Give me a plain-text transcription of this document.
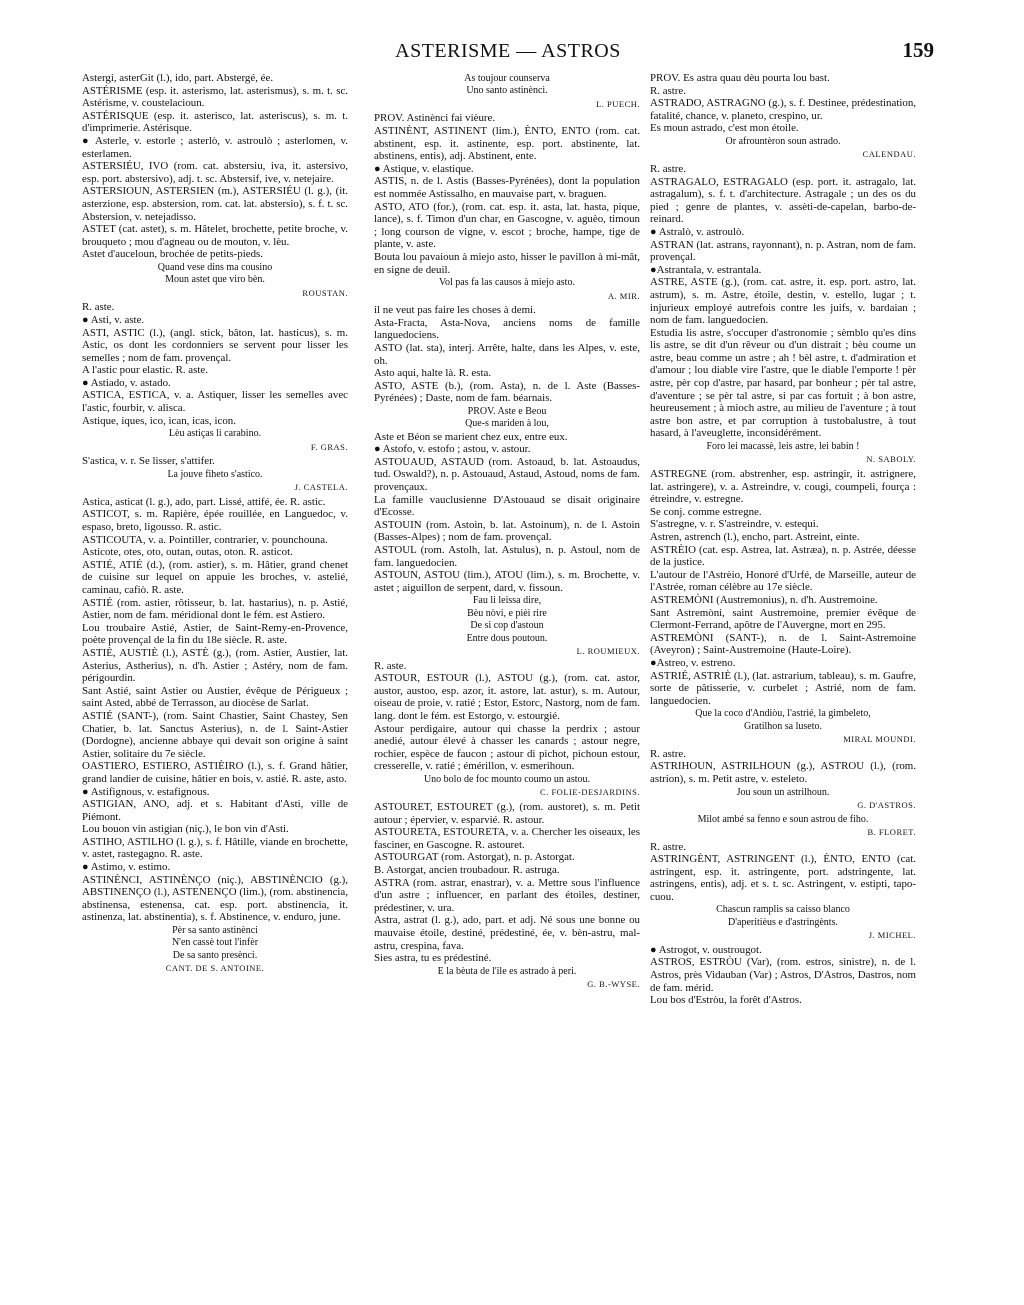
ASTERISME — ASTROS	159
Astergi, asterGit (l.), ido, part. Abstergé, ée.
ASTÉRISME (esp. it. asterismo, lat. asterismus), s. m. t. sc. Astérisme, v. coustelacioun.
ASTÉRISQUE (esp. it. asterisco, lat. asteriscus), s. m. t. d'imprimerie. Astérisque.
● Asterle, v. estorle ; asterlò, v. astroulò ; asterlomen, v. esterlamen.
ASTERSIÉU, IVO (rom. cat. abstersiu, iva, it. astersivo, esp. port. abstersivo), adj. t. sc. Abstersif, ive, v. netejaire.
ASTERSIOUN, ASTERSIEN (m.), ASTERSIÉU (l. g.), (it. asterzione, esp. abstersion, rom. cat. lat. abstersio), s. f. t. sc. Abstersion, v. netejadisso.
ASTET (cat. astet), s. m. Hâtelet, brochette, petite broche, v. brouqueto ; mou d'agneau ou de mouton, v. lèu.
Astet d'auceloun, brochée de petits-pieds.
Quand vese dins ma cousino
Moun astet que viro bèn.
ROUSTAN.
R. aste.
● Asti, v. aste.
ASTI, ASTIC (l.), (angl. stick, bâton, lat. hasticus), s. m. Astic, os dont les cordonniers se servent pour lisser les semelles ; nom de fam. provençal.
A l'astic pour elastic. R. aste.
● Astiado, v. astado.
ASTICA, ESTICA, v. a. Astiquer, lisser les semelles avec l'astic, fourbir, v. alisca.
Astique, iques, ico, ican, icas, icon.
Lèu astiças li carabino.
F. GRAS.
S'astica, v. r. Se lisser, s'attifer.
La jouve fiheto s'astico.
J. CASTELA.
Astica, asticat (l. g.), ado, part. Lissé, attifé, ée. R. astic.
ASTICOT, s. m. Rapière, épée rouillée, en Languedoc, v. espaso, breto, ligousso. R. astic.
ASTICOUTA, v. a. Pointiller, contrarier, v. pounchouna.
Asticote, otes, oto, outan, outas, oton. R. asticot.
ASTIÉ, ATIÉ (d.), (rom. astier), s. m. Hâtier, grand chenet de cuisine sur lequel on appuie les broches, v. astelié, caminau, cafiò. R. aste.
ASTIÉ (rom. astier, rôtisseur, b. lat. hastarius), n. p. Astié, Astier, nom de fam. méridional dont le fém. est Astiero.
Lou troubaire Astié, Astier, de Saint-Remy-en-Provence, poète provençal de la fin du 18e siècle. R. aste.
ASTIÈ, AUSTIÈ (l.), ASTÈ (g.), (rom. Astier, Austier, lat. Asterius, Astherius), n. d'h. Astier ; Astéry, nom de fam. périgourdin.
Sant Astié, saint Astier ou Austier, évêque de Périgueux ; saint Asted, abbé de Terrasson, au diocèse de Sarlat.
ASTIÉ (SANT-), (rom. Saint Chastier, Saint Chastey, Sen Chatier, b. lat. Sanctus Asterius), n. de l. Saint-Astier (Dordogne), ancienne abbaye qui devait son origine à saint Astier, solitaire du 7e siècle.
OASTIERO, ESTIERO, ASTIÈIRO (l.), s. f. Grand hâtier, grand landier de cuisine, hâtier en bois, v. astié. R. aste, asto.
● Astifignous, v. estafignous.
ASTIGIAN, ANO, adj. et s. Habitant d'Asti, ville de Piémont.
Lou bouon vin astigian (niç.), le bon vin d'Asti.
ASTIHO, ASTILHO (l. g.), s. f. Hâtille, viande en brochette, v. astet, rastegagno. R. aste.
● Astimo, v. estimo.
ASTINÈNCI, ASTINÈNÇO (niç.), ABSTINÈNCIO (g.), ABSTINENÇO (l.), ASTENENÇO (lim.), (rom. abstinencia, abstinensa, estenensa, cat. esp. port. abstinencia, it. astinenza, lat. abstinentia), s. f. Abstinence, v. enduro, june.
Pèr sa santo astinènci
N'en cassè tout l'infèr
De sa santo presènci.
CANT. DE S. ANTOINE.
As toujour counserva
Uno santo astinènci.
L. PUECH.
PROV. Astinènci fai vièure.
ASTINÈNT, ASTINENT (lim.), ÈNTO, ENTO (rom. cat. abstinent, esp. it. astinente, esp. port. abstinente, lat. abstinens, entis), adj. Abstinent, ente.
● Astique, v. elastique.
ASTIS, n. de l. Astis (Basses-Pyrénées), dont la population est nommée Astissalho, en mauvaise part, v. braguen.
ASTO, ATO (for.), (rom. cat. esp. it. asta, lat. hasta, pique, lance), s. f. Timon d'un char, en Gascogne, v. aguèo, timoun ; long courson de vigne, v. escot ; broche, hampe, tige de plante, v. aste.
Bouta lou pavaioun à miejo asto, hisser le pavillon à mi-mât, en signe de deuil.
Vol pas fa las causos à miejo asto.
A. MIR.
il ne veut pas faire les choses à demi.
Asta-Fracta, Asta-Nova, anciens noms de famille languedociens.
ASTO (lat. sta), interj. Arrête, halte, dans les Alpes, v. este, oh.
Asto aqui, halte là. R. esta.
ASTO, ASTE (b.), (rom. Asta), n. de l. Aste (Basses-Pyrénées) ; Daste, nom de fam. béarnais.
PROV. Aste e Beou
Que-s mariden à lou,
Aste et Béon se marient chez eux, entre eux.
● Astofo, v. estofo ; astou, v. astour.
ASTOUAUD, ASTAUD (rom. Astoaud, b. lat. Astoaudus, tud. Oswald?), n. p. Astouaud, Astaud, Astoud, noms de fam. provençaux.
La famille vauclusienne D'Astouaud se disait originaire d'Ecosse.
ASTOUIN (rom. Astoin, b. lat. Astoinum), n. de l. Astoin (Basses-Alpes) ; nom de fam. provençal.
ASTOUL (rom. Astolh, lat. Astulus), n. p. Astoul, nom de fam. languedocien.
ASTOUN, ASTOU (lim.), ATOU (lim.), s. m. Brochette, v. astet ; aiguillon de serpent, dard, v. fissoun.
Fau li leissa dire,
Bèu nòvi, e pièi rire
De si cop d'astoun
Entre dous poutoun.
L. ROUMIEUX.
R. aste.
ASTOUR, ESTOUR (l.), ASTOU (g.), (rom. cat. astor, austor, austoo, esp. azor, it. astore, lat. astur), s. m. Autour, oiseau de proie, v. ratié ; Estor, Estorc, Nastorg, nom de fam. lang. dont le fém. est Estorgo, v. estourgié.
Astour perdigaire, autour qui chasse la perdrix ; astour anedié, autour élevé à chasser les canards ; astour negre, rochier, espèce de faucon ; astour di pichot, pichoun estour, cresserelle, v. ratié ; émérillon, v. esmerihoun.
Uno bolo de foc mounto coumo un astou.
C. FOLIE-DESJARDINS.
ASTOURET, ESTOURET (g.), (rom. austoret), s. m. Petit autour ; épervier, v. esparvié. R. astour.
ASTOURETA, ESTOURETA, v. a. Chercher les oiseaux, les fasciner, en Gascogne. R. astouret.
ASTOURGAT (rom. Astorgat), n. p. Astorgat.
B. Astorgat, ancien troubadour. R. astruga.
ASTRA (rom. astrar, enastrar), v. a. Mettre sous l'influence d'un astre ; influencer, en parlant des étoiles, destiner, prédestiner, v. ura.
Astra, astrat (l. g.), ado, part. et adj. Né sous une bonne ou mauvaise étoile, destiné, prédestiné, ée, v. bèn-astru, mal-astru, crespina, fava.
Sies astra, tu es prédestiné.
E la bèuta de l'ile es astrado à peri.
G. B.-WYSE.
PROV. Es astra quau dèu pourta lou bast.
R. astre.
ASTRADO, ASTRAGNO (g.), s. f. Destinee, prédestination, fatalité, chance, v. planeto, crespino, ur.
Es moun astrado, c'est mon étoile.
Or afrountèron soun astrado.
CALENDAU.
R. astre.
ASTRAGALO, ESTRAGALO (esp. port. it. astragalo, lat. astragalum), s. f. t. d'architecture. Astragale ; un des os du pied ; genre de plantes, v. assèti-de-capelan, barbo-de-reinard.
● Astralò, v. astroulò.
ASTRAN (lat. astrans, rayonnant), n. p. Astran, nom de fam. provençal.
●Astrantala, v. estrantala.
ASTRE, ASTE (g.), (rom. cat. astre, it. esp. port. astro, lat. astrum), s. m. Astre, étoile, destin, v. estello, lugar ; t. injurieux employé autrefois contre les juifs, v. bardaian ; nom de fam. languedocien.
Estudia lis astre, s'occuper d'astronomie ; sèmblo qu'es dins lis astre, se dit d'un rêveur ou d'un distrait ; bèu coume un astre, beau comme un astre ; ah ! bèl astre, t. d'admiration et d'amour ; lou diable vire l'astre, que le diable l'emporte ! pèr astre, pèr cop d'astre, par hasard, par bonheur ; pèr tal astre, d'aventure ; se pèr tal astre, si par cas fortuit ; à bon astre, heureusement ; à mioch astre, au milieu de l'aventure ; à tout astre bon astre, et par corruption à tustobalustre, à tout hasard, à l'aveuglette, inconsidérément.
Foro lei macassè, leis astre, lei babin !
N. SABOLY.
ASTREGNE (rom. abstrenher, esp. astringir, it. astrignere, lat. astringere), v. a. Astreindre, v. cougi, coumpeli, fourça : étreindre, v. estregne.
Se conj. comme estregne.
S'astregne, v. r. S'astreindre, v. estequi.
Astren, astrench (l.), encho, part. Astreint, einte.
ASTRÈIO (cat. esp. Astrea, lat. Astræa), n. p. Astrée, déesse de la justice.
L'autour de l'Astrèio, Honoré d'Urfé, de Marseille, auteur de l'Astrée, roman célèbre au 17e siècle.
ASTREMÒNI (Austremonius), n. d'h. Austremoine.
Sant Astremòni, saint Austremoine, premier évêque de Clermont-Ferrand, apôtre de l'Auvergne, mort en 295.
ASTREMÒNI (SANT-), n. de l. Saint-Astremoine (Aveyron) ; Saint-Austremoine (Haute-Loire).
●Astreo, v. estreno.
ASTRIÉ, ASTRIÈ (l.), (lat. astrarium, tableau), s. m. Gaufre, sorte de pâtisserie, v. curbelet ; Astrié, nom de fam. languedocien.
Que la coco d'Andiòu, l'astrié, la gimbeleto,
Gratilhon sa luseto.
MIRAL MOUNDI.
R. astre.
ASTRIHOUN, ASTRILHOUN (g.), ASTROU (l.), (rom. astrion), s. m. Petit astre, v. esteleto.
Jou soun un astrilhoun.
G. D'ASTROS.
Milot ambé sa fenno e soun astrou de fiho.
B. FLORET.
R. astre.
ASTRINGÈNT, ASTRINGENT (l.), ÈNTO, ENTO (cat. astringent, esp. it. astringente, port. adstringente, lat. astringens, entis), adj. et s. t. sc. Astringent, v. estipti, tapo-cuou.
Chascun ramplis sa caisso blanco
D'aperitièus e d'astringènts.
J. MICHEL.
● Astrogot, v. oustrougot.
ASTROS, ESTRÒU (Var), (rom. estros, sinistre), n. de l. Astros, près Vidauban (Var) ; Astros, D'Astros, Dastros, nom de fam. mérid.
Lou bos d'Estròu, la forêt d'Astros.
